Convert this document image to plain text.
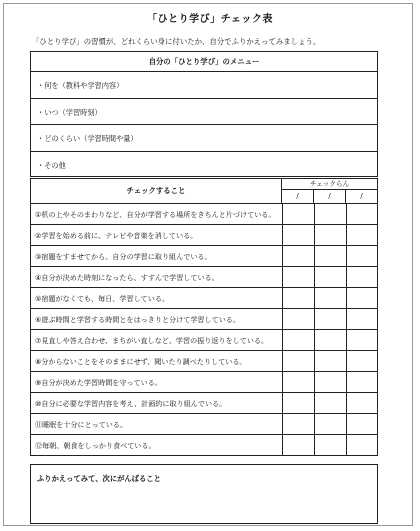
「ひとり学び」チェック表
「ひとり学び」の習慣が、どれくらい身に付いたか、自分でふりかえってみましょう。
自分の「ひとり学び」のメニュー
・何を（教科や学習内容）
・いつ（学習時刻）
・どのくらい（学習時間や量）
・その他
チェックすること
チェックらん
/	/	/
①机の上やそのまわりなど、自分が学習する場所をきちんと片づけている。
②学習を始める前に、テレビや音楽を消している。
③宿題をすませてから、自分の学習に取り組んでいる。
④自分が決めた時刻になったら、すすんで学習している。
⑤宿題がなくても、毎日、学習している。
⑥遊ぶ時間と学習する時間とをはっきりと分けて学習している。
⑦見直しや答え合わせ、まちがい直しなど、学習の振り返りをしている。
⑧分からないことをそのままにせず、聞いたり調べたりしている。
⑨自分が決めた学習時間を守っている。
⑩自分に必要な学習内容を考え、計画的に取り組んでいる。
⑪睡眠を十分にとっている。
⑫毎朝、朝食をしっかり食べている。
ふりかえってみて、次にがんばること
